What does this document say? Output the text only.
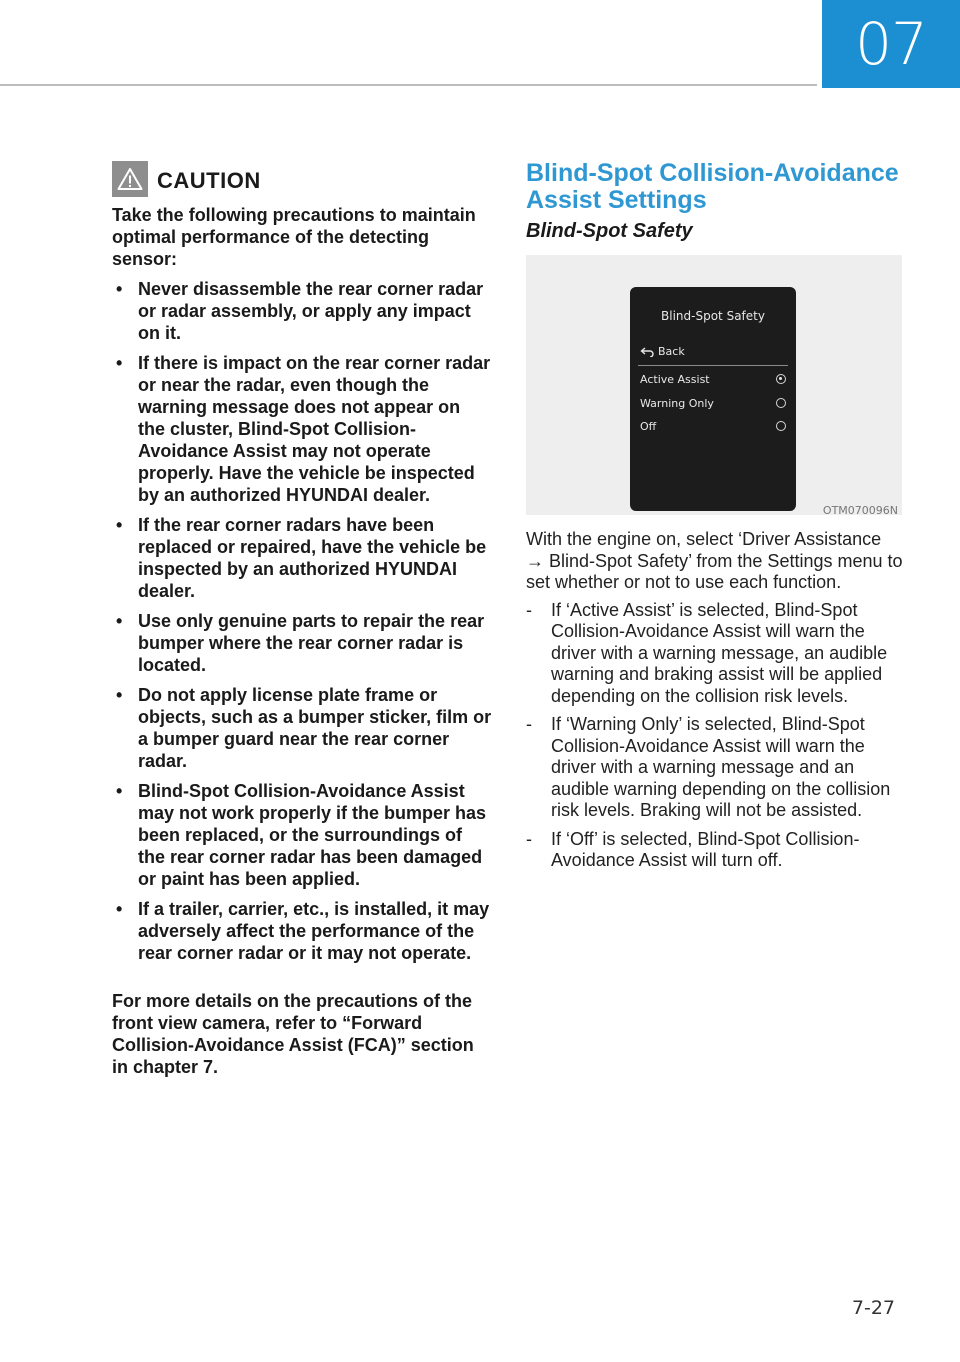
07
CAUTION
Take the following precautions to maintain optimal performance of the detecting sensor:
• Never disassemble the rear corner radar or radar assembly, or apply any impact on it.
• If there is impact on the rear corner radar or near the radar, even though the warning message does not appear on the cluster, Blind-Spot Collision-Avoidance Assist may not operate properly. Have the vehicle be inspected by an authorized HYUNDAI dealer.
• If the rear corner radars have been replaced or repaired, have the vehicle be inspected by an authorized HYUNDAI dealer.
• Use only genuine parts to repair the rear bumper where the rear corner radar is located.
• Do not apply license plate frame or objects, such as a bumper sticker, film or a bumper guard near the rear corner radar.
• Blind-Spot Collision-Avoidance Assist may not work properly if the bumper has been replaced, or the surroundings of the rear corner radar has been damaged or paint has been applied.
• If a trailer, carrier, etc., is installed, it may adversely affect the performance of the rear corner radar or it may not operate.
For more details on the precautions of the front view camera, refer to “Forward Collision-Avoidance Assist (FCA)” section in chapter 7.
Blind-Spot Collision-Avoidance Assist Settings
Blind-Spot Safety
Blind-Spot Safety
Back
Active Assist
Warning Only
Off
OTM070096N
With the engine on, select ‘Driver Assistance → Blind-Spot Safety’ from the Settings menu to set whether or not to use each function.
- If ‘Active Assist’ is selected, Blind-Spot Collision-Avoidance Assist will warn the driver with a warning message, an audible warning and braking assist will be applied depending on the collision risk levels.
- If ‘Warning Only’ is selected, Blind-Spot Collision-Avoidance Assist will warn the driver with a warning message and an audible warning depending on the collision risk levels. Braking will not be assisted.
- If ‘Off’ is selected, Blind-Spot Collision-Avoidance Assist will turn off.
7-27
